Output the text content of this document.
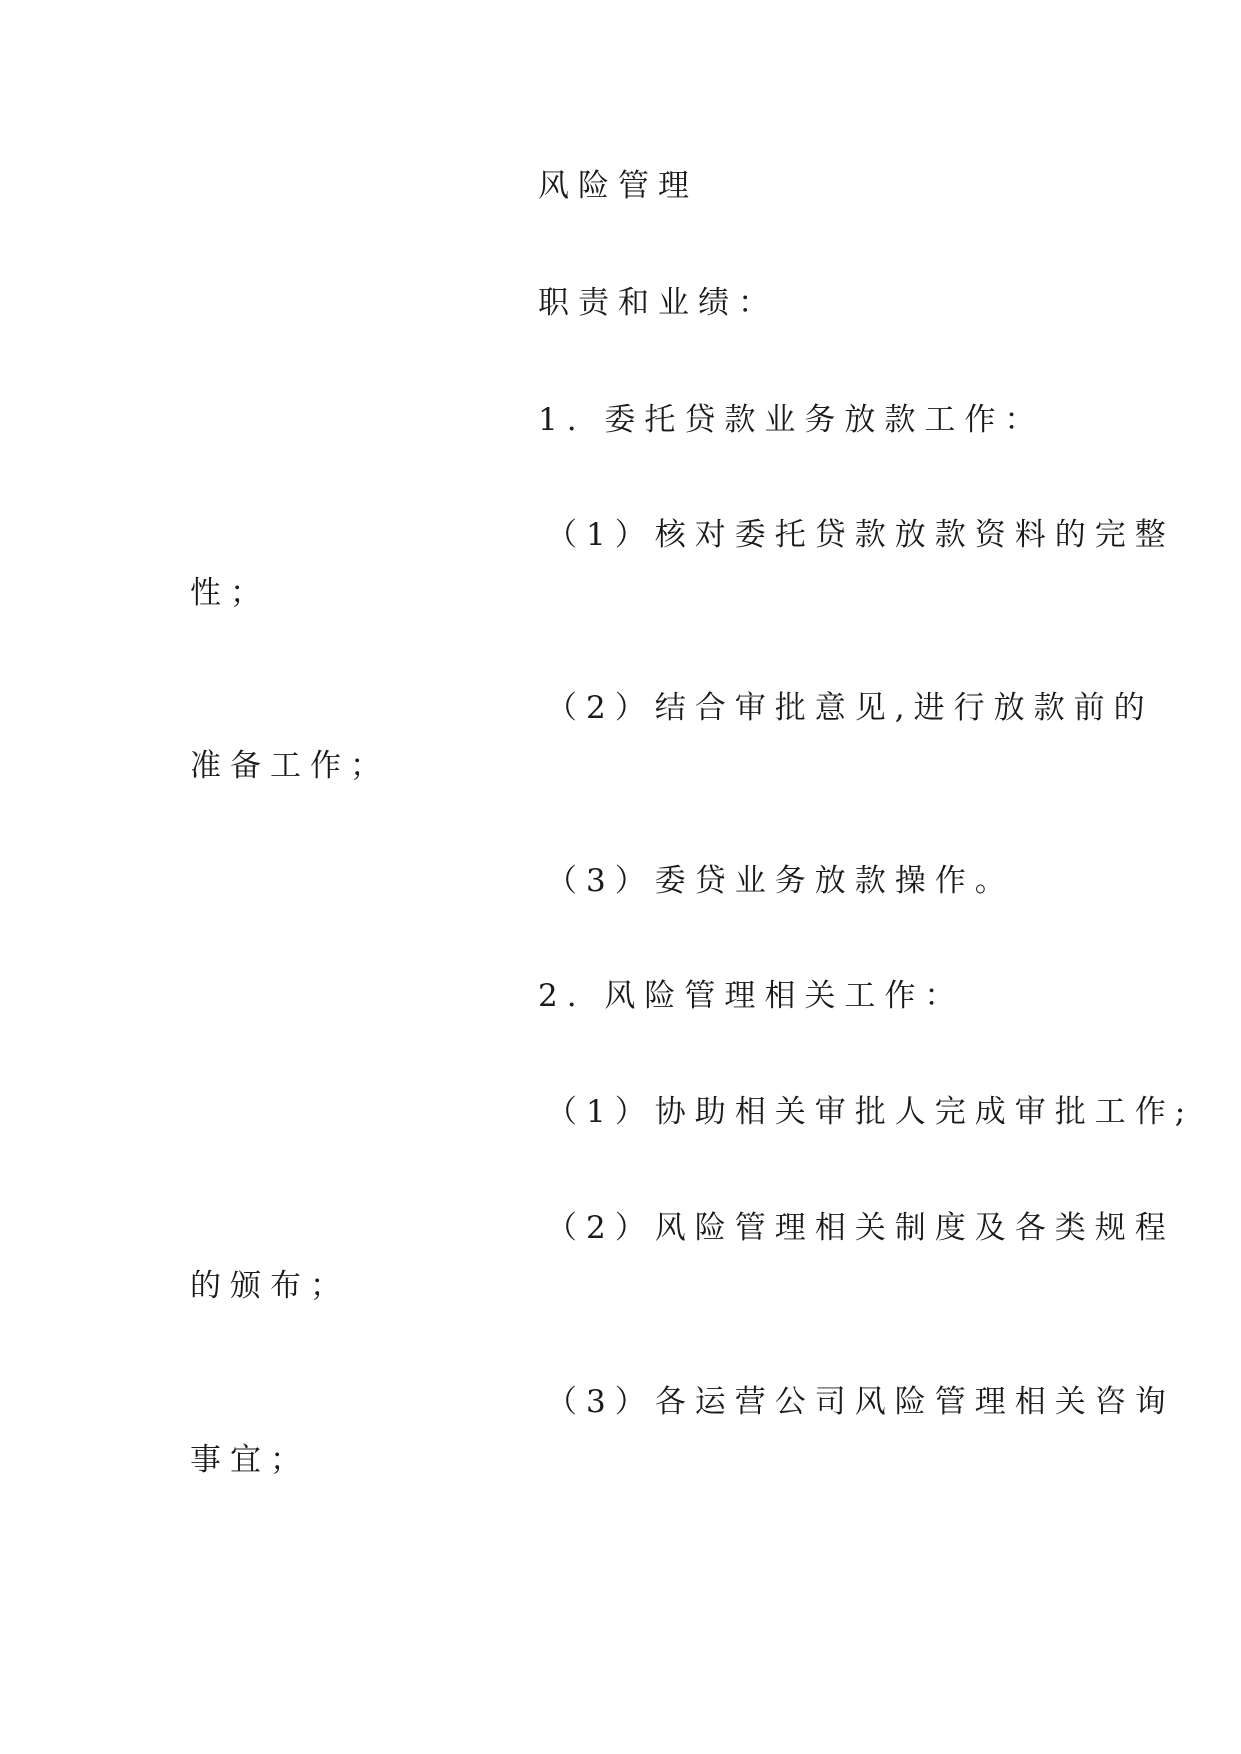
风险管理
职责和业绩：

1. 委托贷款业务放款工作：

（1）核对委托贷款放款资料的完整

性；

（2）结合审批意见,进行放款前的

准备工作；

（3）委贷业务放款操作。

2. 风险管理相关工作：

（1）协助相关审批人完成审批工作;

（2）风险管理相关制度及各类规程

的颁布；

（3）各运营公司风险管理相关咨询

事宜；
